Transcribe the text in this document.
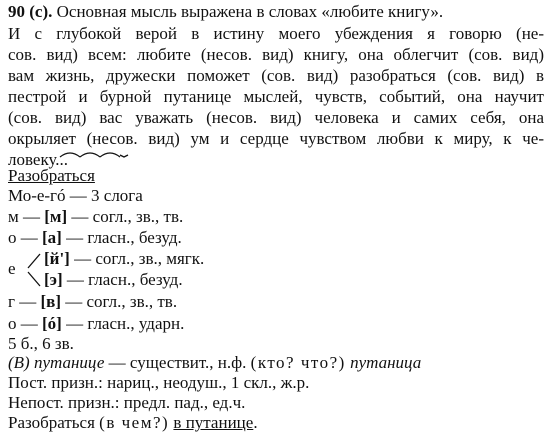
90 (с). Основная мысль выражена в словах «любите книгу».
И с глубокой верой в истину моего убеждения я говорю (не-
сов. вид) всем: любите (несов. вид) книгу, она облегчит (сов. вид)
вам жизнь, дружески поможет (сов. вид) разобраться (сов. вид) в
пестрой и бурной путанице мыслей, чувств, событий, она научит
(сов. вид) вас уважать (несов. вид) человека и самих себя, она
окрыляет (несов. вид) ум и сердце чувством любви к миру, к че-
ловеку...
Разобраться
Мо-е-гó — 3 слога
м — [м] — согл., зв., тв.
о — [а] — гласн., безуд.
е
[й'] — согл., зв., мягк.
[э] — гласн., безуд.
г — [в] — согл., зв., тв.
о — [ó] — гласн., ударн.
5 б., 6 зв.
(В) путанице — существит., н.ф. (кто? что?) путаница
Пост. призн.: нариц., неодуш., 1 скл., ж.р.
Непост. призн.: предл. пад., ед.ч.
Разобраться (в чем?) в путанице.
